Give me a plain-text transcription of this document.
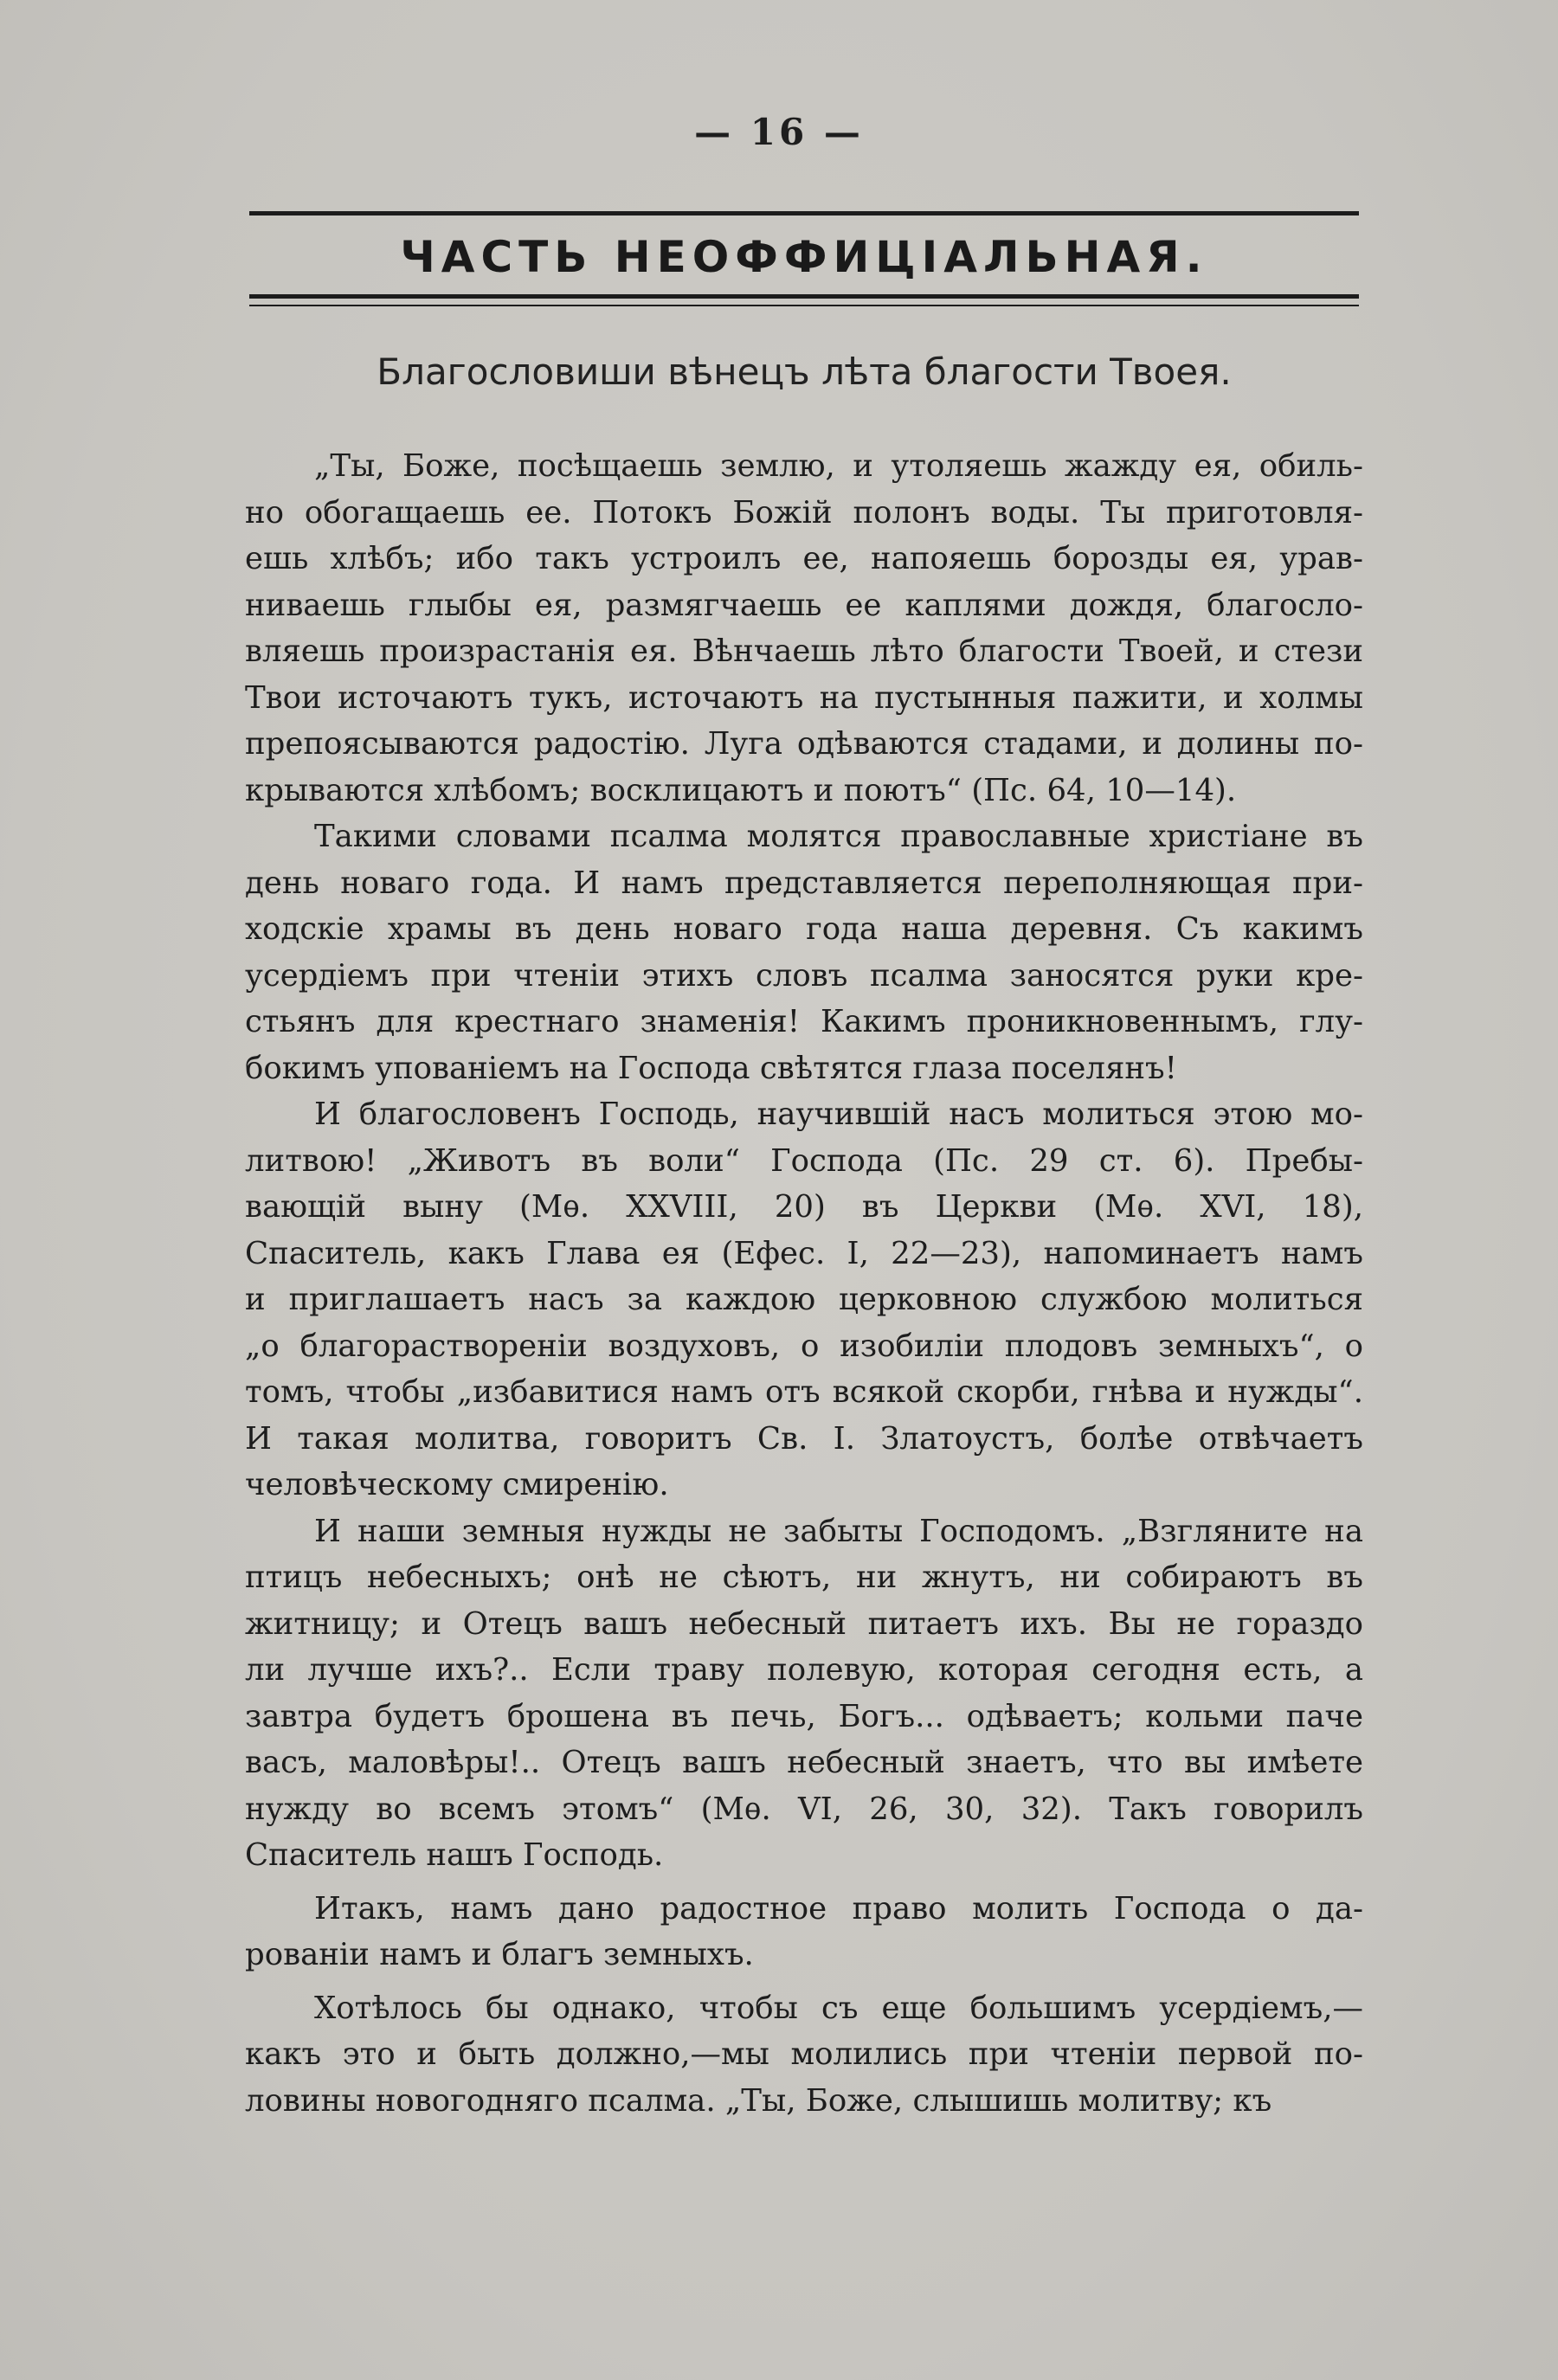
— 16 —
ЧАСТЬ НЕОФФИЦІАЛЬНАЯ.
Благословиши вѣнецъ лѣта благости Твоея.
„Ты, Боже, посѣщаешь землю, и утоляешь жажду ея, обиль-
но обогащаешь ее. Потокъ Божій полонъ воды. Ты приготовля-
ешь хлѣбъ; ибо такъ устроилъ ее, напояешь борозды ея, урав-
ниваешь глыбы ея, размягчаешь ее каплями дождя, благосло-
вляешь произрастанія ея. Вѣнчаешь лѣто благости Твоей, и стези
Твои источаютъ тукъ, источаютъ на пустынныя пажити, и холмы
препоясываются радостію. Луга одѣваются стадами, и долины по-
крываются хлѣбомъ; восклицаютъ и поютъ“ (Пс. 64, 10—14).
Такими словами псалма молятся православные христiане въ
день новаго года. И намъ представляется переполняющая при-
ходскіе храмы въ день новаго года наша деревня. Съ какимъ
усердіемъ при чтеніи этихъ словъ псалма заносятся руки кре-
стьянъ для крестнаго знаменія! Какимъ проникновеннымъ, глу-
бокимъ упованіемъ на Господа свѣтятся глаза поселянъ!
И благословенъ Господь, научившій насъ молиться этою мо-
литвою! „Животъ въ воли“ Господа (Пс. 29 ст. 6). Пребы-
вающій выну (Мѳ. XXVIII, 20) въ Церкви (Мѳ. XVI, 18),
Спаситель, какъ Глава ея (Ефес. I, 22—23), напоминаетъ намъ
и приглашаетъ насъ за каждою церковною службою молиться
„о благорастворенiи воздуховъ, о изобиліи плодовъ земныхъ“, о
томъ, чтобы „избавитися намъ отъ всякой скорби, гнѣва и нужды“.
И такая молитва, говоритъ Св. І. Златоустъ, болѣе отвѣчаетъ
человѣческому смиренію.
И наши земныя нужды не забыты Господомъ. „Взгляните на
птицъ небесныхъ; онѣ не сѣютъ, ни жнутъ, ни собираютъ въ
житницу; и Отецъ вашъ небесный питаетъ ихъ. Вы не гораздо
ли лучше ихъ?.. Если траву полевую, которая сегодня есть, а
завтра будетъ брошена въ печь, Богъ... одѣваетъ; кольми паче
васъ, маловѣры!.. Отецъ вашъ небесный знаетъ, что вы имѣете
нужду во всемъ этомъ“ (Мѳ. VI, 26, 30, 32). Такъ говорилъ
Спаситель нашъ Господь.
Итакъ, намъ дано радостное право молить Господа о да-
рованіи намъ и благъ земныхъ.
Хотѣлось бы однако, чтобы съ еще большимъ усердіемъ,—
какъ это и быть должно,—мы молились при чтеніи первой по-
ловины новогодняго псалма. „Ты, Боже, слышишь молитву; къ
